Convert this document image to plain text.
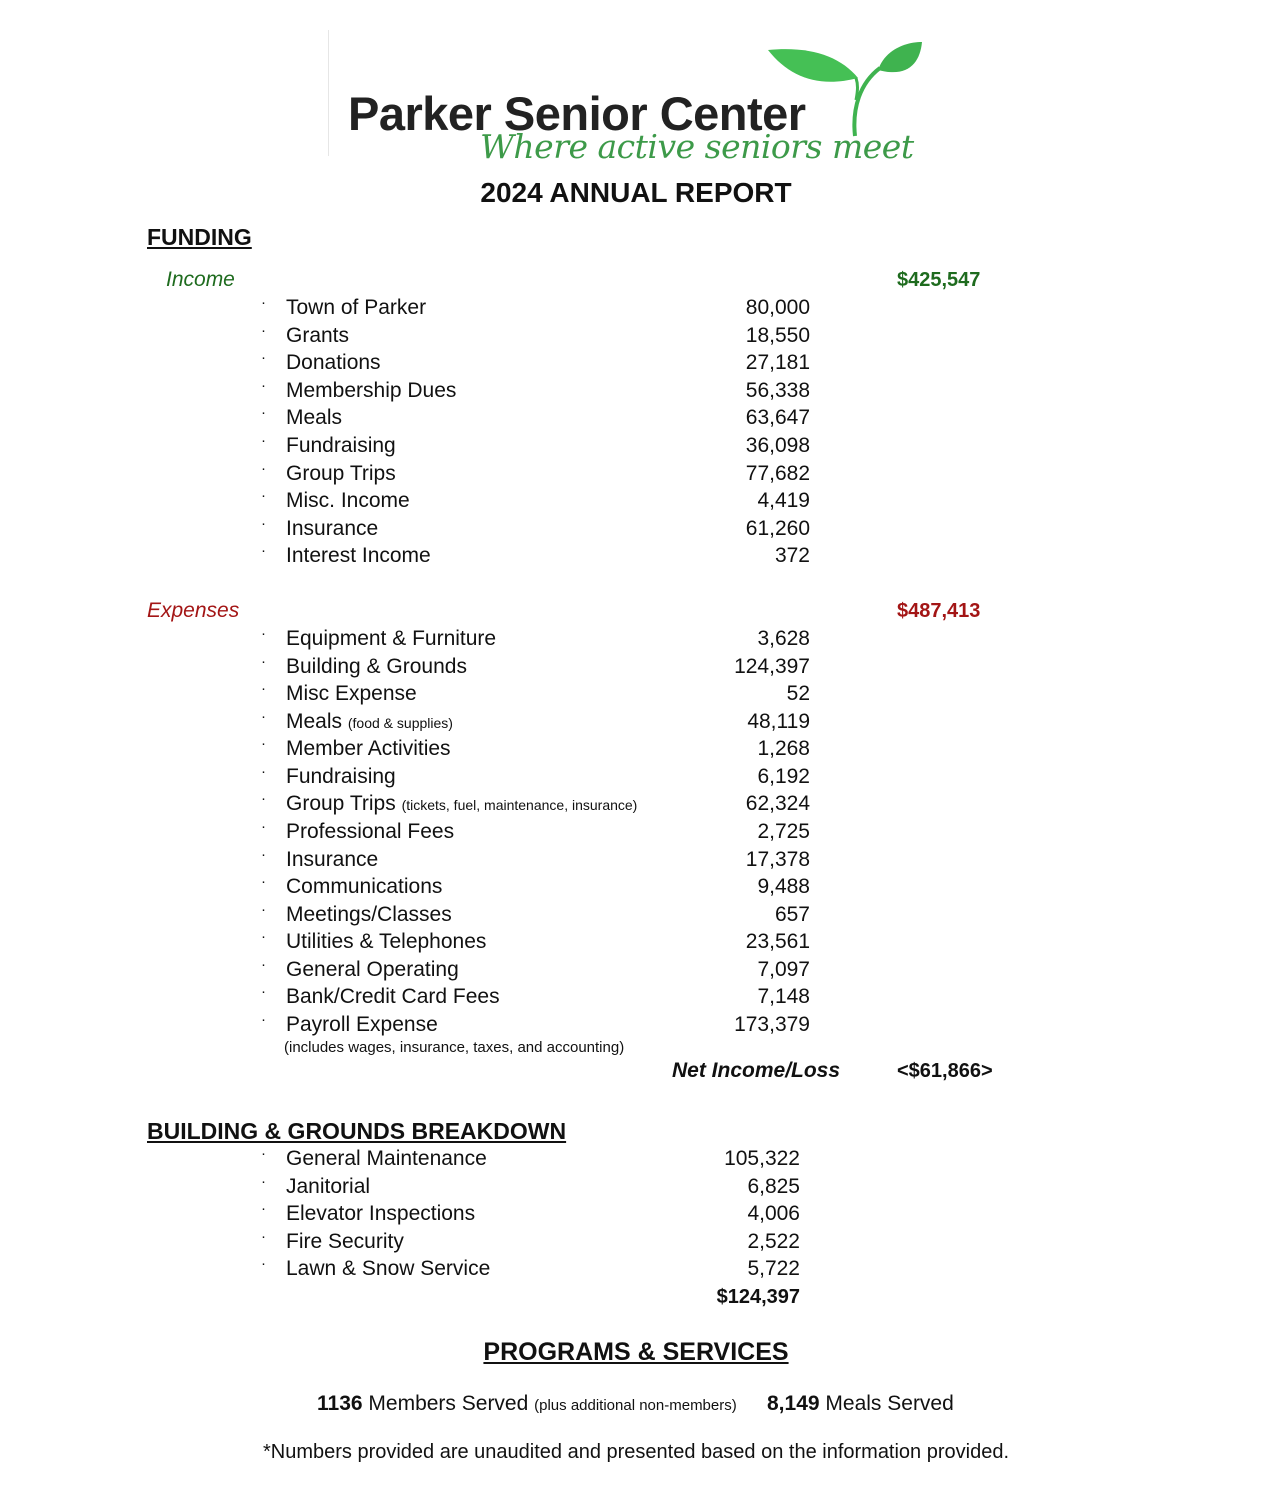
Parker Senior Center
Where active seniors meet
2024 ANNUAL REPORT
FUNDING
Income	$425,547
· Town of Parker	80,000
· Grants	18,550
· Donations	27,181
· Membership Dues	56,338
· Meals	63,647
· Fundraising	36,098
· Group Trips	77,682
· Misc. Income	4,419
· Insurance	61,260
· Interest Income	372
Expenses	$487,413
· Equipment & Furniture	3,628
· Building & Grounds	124,397
· Misc Expense	52
· Meals (food & supplies)	48,119
· Member Activities	1,268
· Fundraising	6,192
· Group Trips (tickets, fuel, maintenance, insurance)	62,324
· Professional Fees	2,725
· Insurance	17,378
· Communications	9,488
· Meetings/Classes	657
· Utilities & Telephones	23,561
· General Operating	7,097
· Bank/Credit Card Fees	7,148
· Payroll Expense	173,379
(includes wages, insurance, taxes, and accounting)
Net Income/Loss	<$61,866>
BUILDING & GROUNDS BREAKDOWN
· General Maintenance	105,322
· Janitorial	6,825
· Elevator Inspections	4,006
· Fire Security	2,522
· Lawn & Snow Service	5,722
$124,397
PROGRAMS & SERVICES
1136 Members Served (plus additional non-members) 8,149 Meals Served
*Numbers provided are unaudited and presented based on the information provided.
